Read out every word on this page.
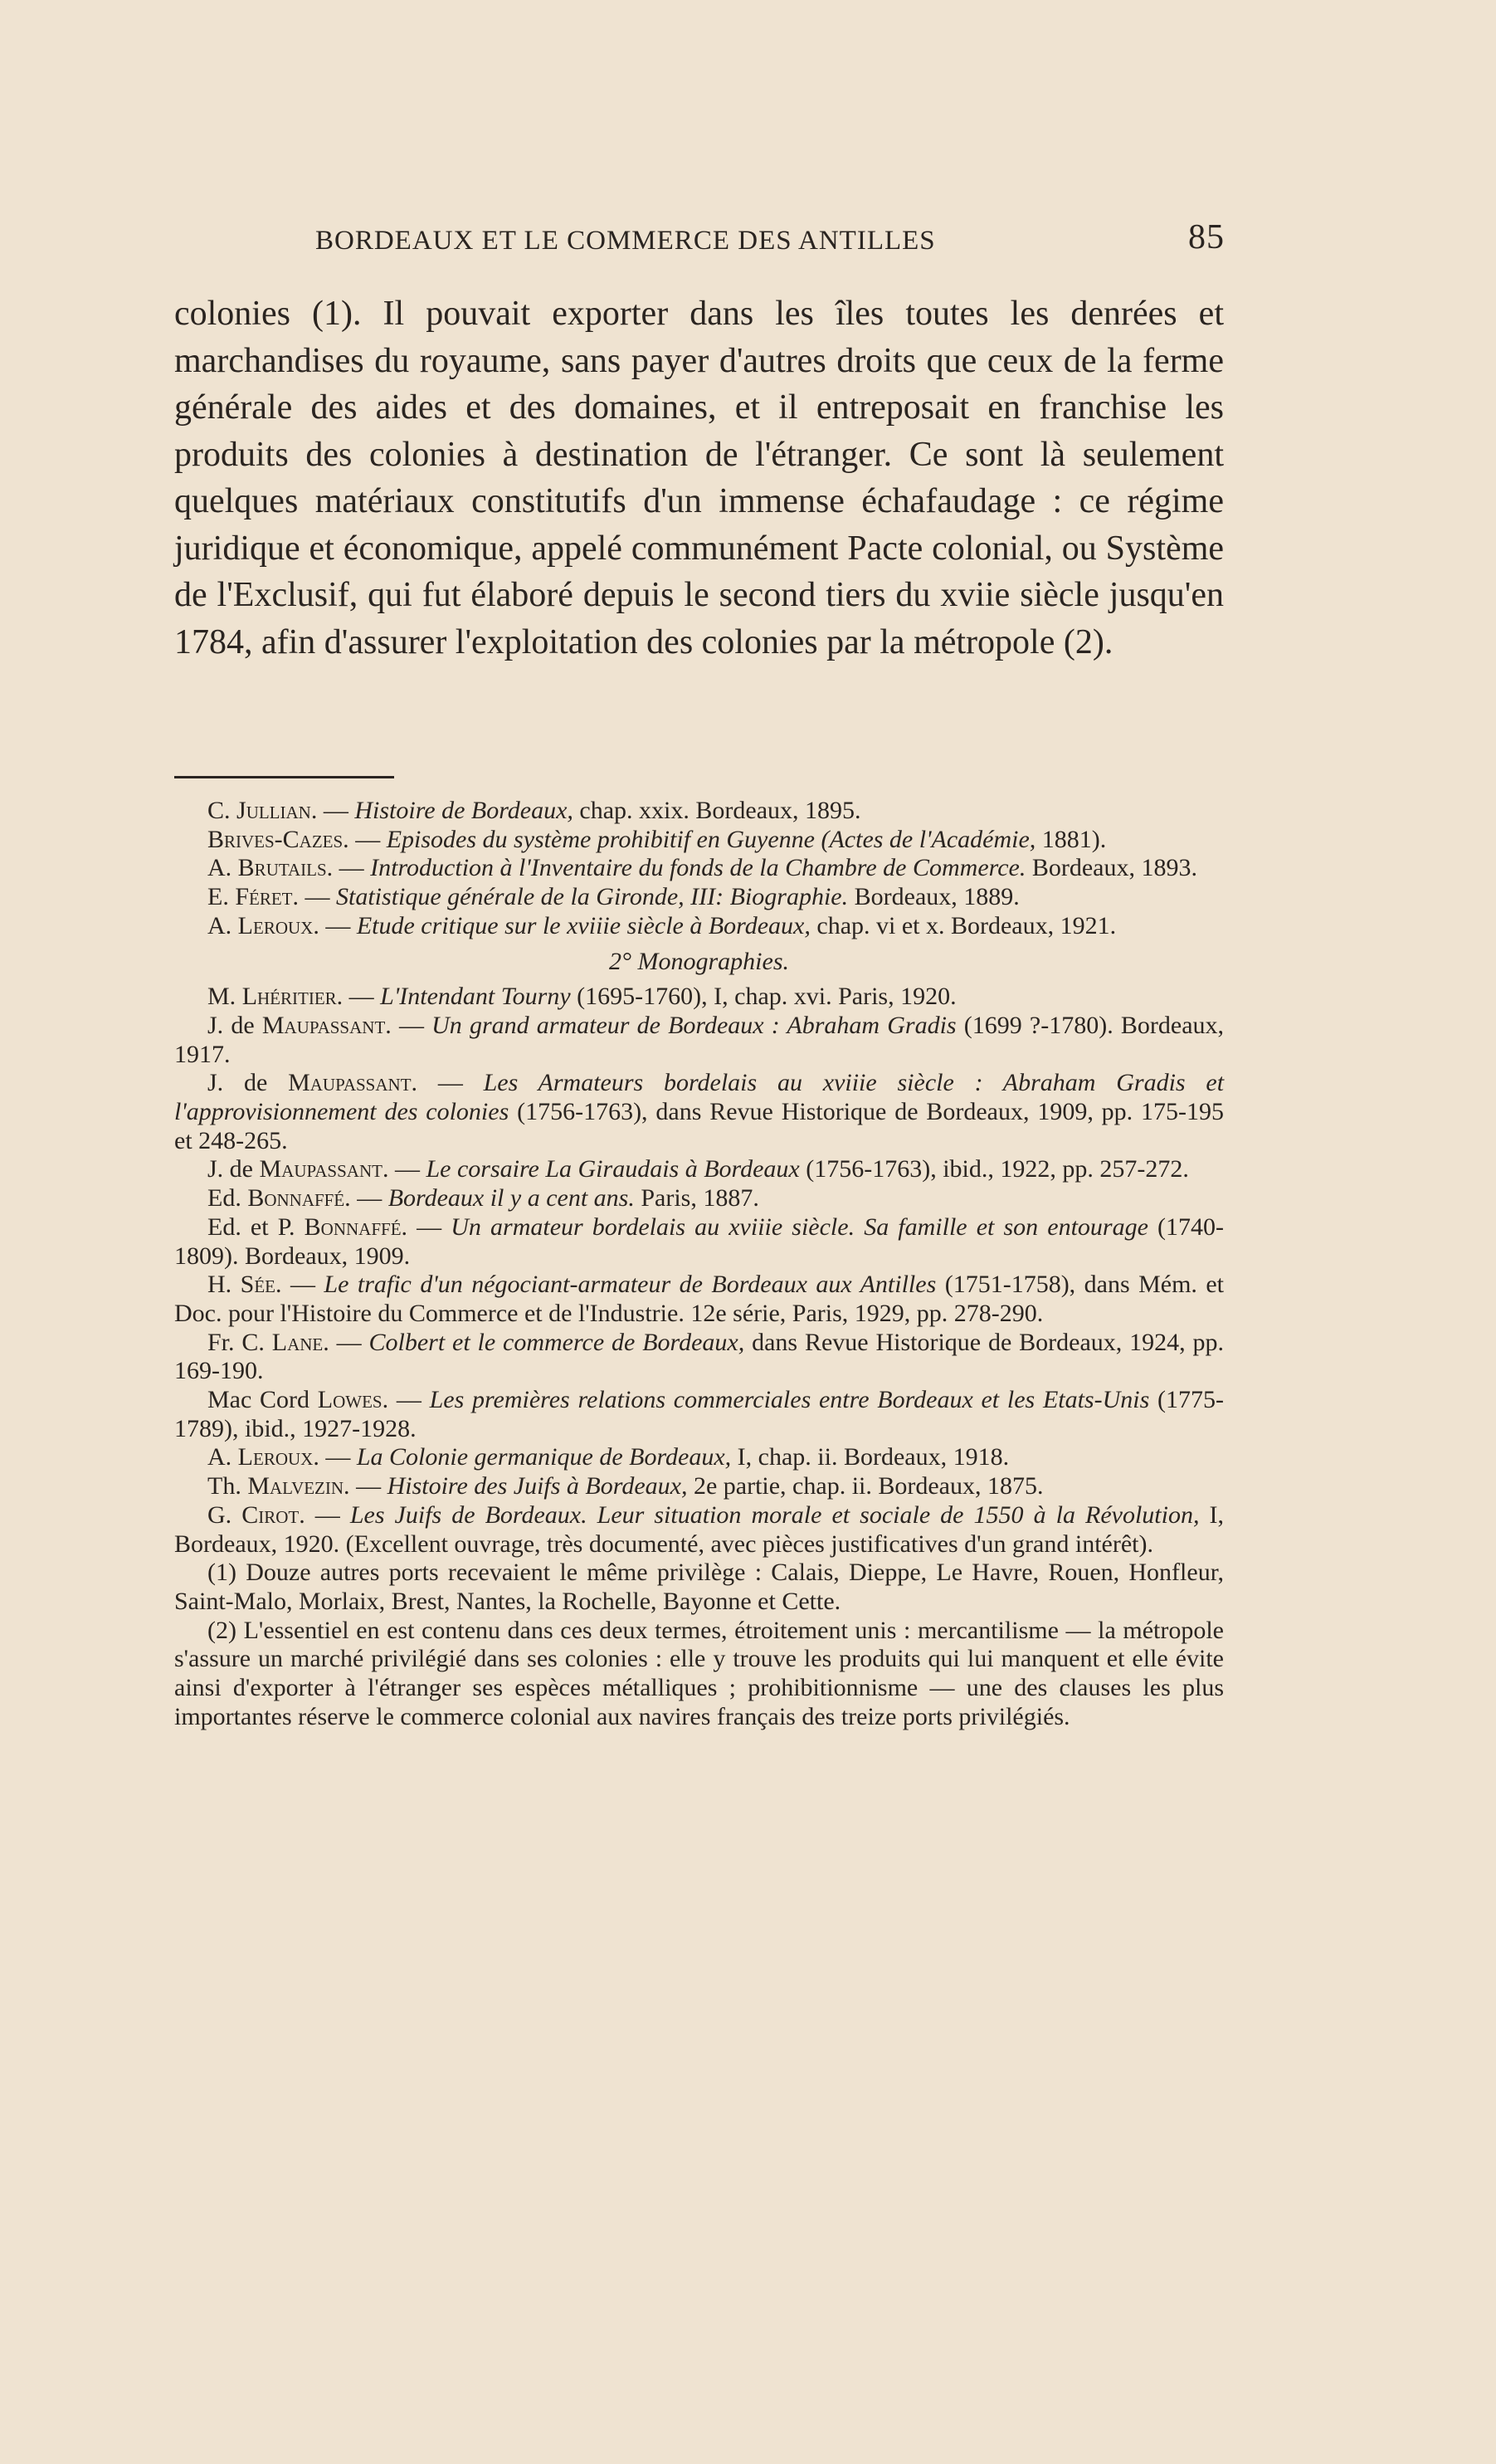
BORDEAUX ET LE COMMERCE DES ANTILLES	85

colonies (1). Il pouvait exporter dans les îles toutes les denrées et marchandises du royaume, sans payer d'autres droits que ceux de la ferme générale des aides et des domaines, et il entreposait en franchise les produits des colonies à destination de l'étranger. Ce sont là seulement quelques matériaux constitutifs d'un immense échafaudage : ce régime juridique et économique, appelé communément Pacte colonial, ou Système de l'Exclusif, qui fut élaboré depuis le second tiers du xviie siècle jusqu'en 1784, afin d'assurer l'exploitation des colonies par la métropole (2).

C. Jullian. — Histoire de Bordeaux, chap. xxix. Bordeaux, 1895.

Brives-Cazes. — Episodes du système prohibitif en Guyenne (Actes de l'Académie, 1881).

A. Brutails. — Introduction à l'Inventaire du fonds de la Chambre de Commerce. Bordeaux, 1893.

E. Féret. — Statistique générale de la Gironde, III: Biographie. Bordeaux, 1889.

A. Leroux. — Etude critique sur le xviiie siècle à Bordeaux, chap. vi et x. Bordeaux, 1921.

2° Monographies.

M. Lhéritier. — L'Intendant Tourny (1695-1760), I, chap. xvi. Paris, 1920.

J. de Maupassant. — Un grand armateur de Bordeaux : Abraham Gradis (1699 ?-1780). Bordeaux, 1917.

J. de Maupassant. — Les Armateurs bordelais au xviiie siècle : Abraham Gradis et l'approvisionnement des colonies (1756-1763), dans Revue Historique de Bordeaux, 1909, pp. 175-195 et 248-265.

J. de Maupassant. — Le corsaire La Giraudais à Bordeaux (1756-1763), ibid., 1922, pp. 257-272.

Ed. Bonnaffé. — Bordeaux il y a cent ans. Paris, 1887.

Ed. et P. Bonnaffé. — Un armateur bordelais au xviiie siècle. Sa famille et son entourage (1740-1809). Bordeaux, 1909.

H. Sée. — Le trafic d'un négociant-armateur de Bordeaux aux Antilles (1751-1758), dans Mém. et Doc. pour l'Histoire du Commerce et de l'Industrie. 12e série, Paris, 1929, pp. 278-290.

Fr. C. Lane. — Colbert et le commerce de Bordeaux, dans Revue Historique de Bordeaux, 1924, pp. 169-190.

Mac Cord Lowes. — Les premières relations commerciales entre Bordeaux et les Etats-Unis (1775-1789), ibid., 1927-1928.

A. Leroux. — La Colonie germanique de Bordeaux, I, chap. ii. Bordeaux, 1918.

Th. Malvezin. — Histoire des Juifs à Bordeaux, 2e partie, chap. ii. Bordeaux, 1875.

G. Cirot. — Les Juifs de Bordeaux. Leur situation morale et sociale de 1550 à la Révolution, I, Bordeaux, 1920. (Excellent ouvrage, très documenté, avec pièces justificatives d'un grand intérêt).

(1) Douze autres ports recevaient le même privilège : Calais, Dieppe, Le Havre, Rouen, Honfleur, Saint-Malo, Morlaix, Brest, Nantes, la Rochelle, Bayonne et Cette.

(2) L'essentiel en est contenu dans ces deux termes, étroitement unis : mercantilisme — la métropole s'assure un marché privilégié dans ses colonies : elle y trouve les produits qui lui manquent et elle évite ainsi d'exporter à l'étranger ses espèces métalliques ; prohibitionnisme — une des clauses les plus importantes réserve le commerce colonial aux navires français des treize ports privilégiés.
